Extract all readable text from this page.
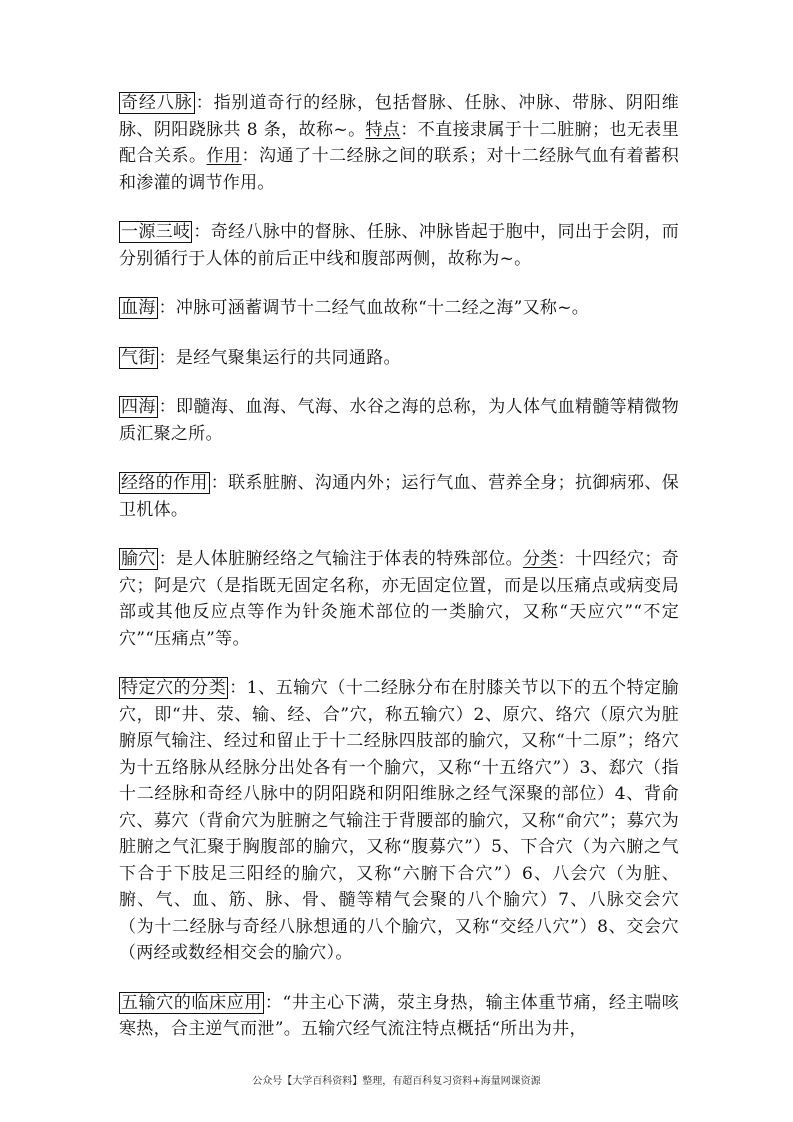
奇经八脉 ：指别道奇行的经脉，包括督脉、任脉、冲脉、带脉、阴阳维脉、阴阳跷脉共 8 条，故称~。特点：不直接隶属于十二脏腑；也无表里配合关系。作用：沟通了十二经脉之间的联系；对十二经脉气血有着蓄积和渗灌的调节作用。

一源三岐 ：奇经八脉中的督脉、任脉、冲脉皆起于胞中，同出于会阴，而分别循行于人体的前后正中线和腹部两侧，故称为~。

血海 ：冲脉可涵蓄调节十二经气血故称“十二经之海”又称~。

气街 ：是经气聚集运行的共同通路。

四海 ：即髓海、血海、气海、水谷之海的总称，为人体气血精髓等精微物质汇聚之所。

经络的作用 ：联系脏腑、沟通内外；运行气血、营养全身；抗御病邪、保卫机体。

腧穴 ：是人体脏腑经络之气输注于体表的特殊部位。分类：十四经穴；奇穴；阿是穴（是指既无固定名称，亦无固定位置，而是以压痛点或病变局部或其他反应点等作为针灸施术部位的一类腧穴，又称“天应穴”“不定穴”“压痛点”等。

特定穴的分类 ：1、五输穴（十二经脉分布在肘膝关节以下的五个特定腧穴，即“井、荥、输、经、合”穴，称五输穴）2、原穴、络穴（原穴为脏腑原气输注、经过和留止于十二经脉四肢部的腧穴，又称“十二原”；络穴为十五络脉从经脉分出处各有一个腧穴，又称“十五络穴”）3、郄穴（指十二经脉和奇经八脉中的阴阳跷和阴阳维脉之经气深聚的部位）4、背俞穴、募穴（背俞穴为脏腑之气输注于背腰部的腧穴，又称“俞穴”；募穴为脏腑之气汇聚于胸腹部的腧穴，又称“腹募穴”）5、下合穴（为六腑之气下合于下肢足三阳经的腧穴，又称“六腑下合穴”）6、八会穴（为脏、腑、气、血、筋、脉、骨、髓等精气会聚的八个腧穴）7、八脉交会穴（为十二经脉与奇经八脉想通的八个腧穴，又称“交经八穴”）8、交会穴（两经或数经相交会的腧穴）。

五输穴的临床应用 ：“井主心下满，荥主身热，输主体重节痛，经主喘咳寒热，合主逆气而泄”。五输穴经气流注特点概括“所出为井，

公众号【大学百科资料】整理，有超百科复习资料+海量网课资源
